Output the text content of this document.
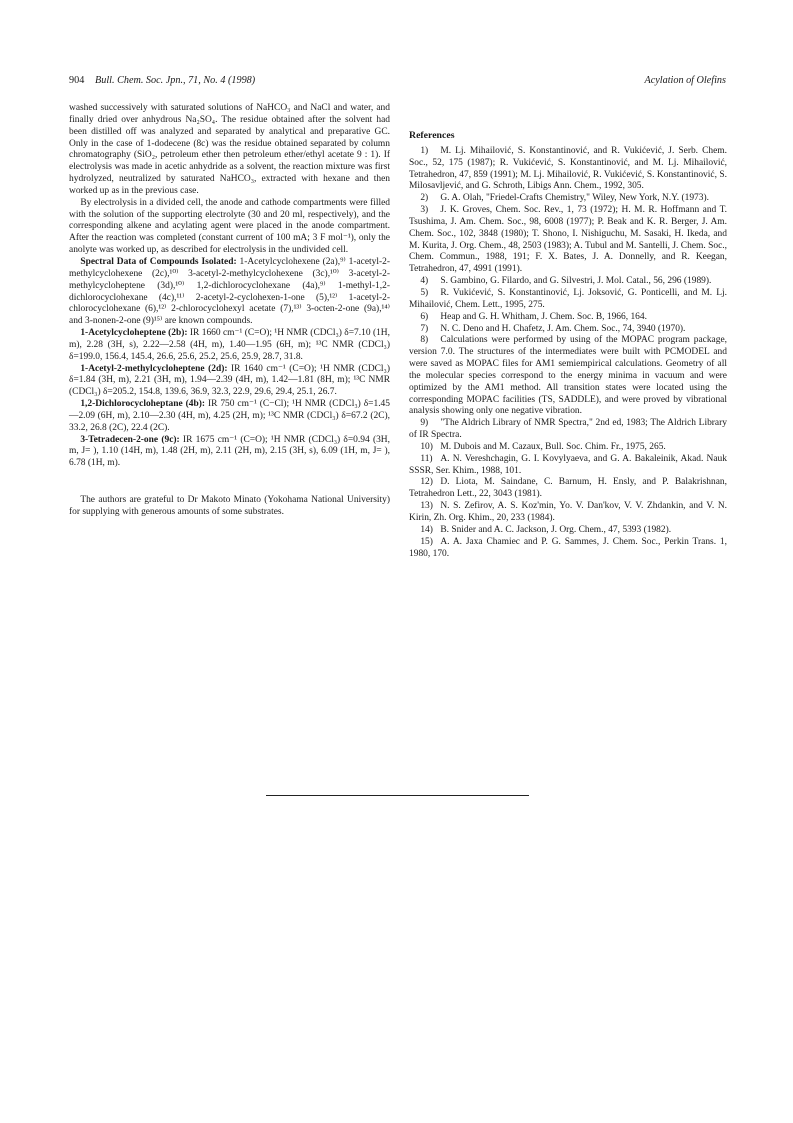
904 Bull. Chem. Soc. Jpn., 71, No. 4 (1998)	Acylation of Olefins

washed successively with saturated solutions of NaHCO₃ and NaCl and water, and finally dried over anhydrous Na₂SO₄. The residue obtained after the solvent had been distilled off was analyzed and separated by analytical and preparative GC. Only in the case of 1-dodecene (8c) was the residue obtained separated by column chromatography (SiO₂, petroleum ether then petroleum ether/ethyl acetate 9 : 1). If electrolysis was made in acetic anhydride as a solvent, the reaction mixture was first hydrolyzed, neutralized by saturated NaHCO₃, extracted with hexane and then worked up as in the previous case.

By electrolysis in a divided cell, the anode and cathode compartments were filled with the solution of the supporting electrolyte (30 and 20 ml, respectively), and the corresponding alkene and acylating agent were placed in the anode compartment. After the reaction was completed (constant current of 100 mA; 3 F mol⁻¹), only the anolyte was worked up, as described for electrolysis in the undivided cell.

Spectral Data of Compounds Isolated: 1-Acetylcyclohexene (2a),⁹⁾ 1-acetyl-2-methylcyclohexene (2c),¹⁰⁾ 3-acetyl-2-methylcyclohexene (3c),¹⁰⁾ 3-acetyl-2-methylcycloheptene (3d),¹⁰⁾ 1,2-dichlorocyclohexane (4a),⁹⁾ 1-methyl-1,2-dichlorocyclohexane (4c),¹¹⁾ 2-acetyl-2-cyclohexen-1-one (5),¹²⁾ 1-acetyl-2-chlorocyclohexane (6),¹²⁾ 2-chlorocyclohexyl acetate (7),¹³⁾ 3-octen-2-one (9a),¹⁴⁾ and 3-nonen-2-one (9)¹⁵⁾ are known compounds.

1-Acetylcycloheptene (2b): IR 1660 cm⁻¹ (C=O); ¹H NMR (CDCl₃) δ=7.10 (1H, m), 2.28 (3H, s), 2.22—2.58 (4H, m), 1.40—1.95 (6H, m); ¹³C NMR (CDCl₃) δ=199.0, 156.4, 145.4, 26.6, 25.6, 25.2, 25.6, 25.9, 28.7, 31.8.

1-Acetyl-2-methylcycloheptene (2d): IR 1640 cm⁻¹ (C=O); ¹H NMR (CDCl₃) δ=1.84 (3H, m), 2.21 (3H, m), 1.94—2.39 (4H, m), 1.42—1.81 (8H, m); ¹³C NMR (CDCl₃) δ=205.2, 154.8, 139.6, 36.9, 32.3, 22.9, 29.6, 29.4, 25.1, 26.7.

1,2-Dichlorocycloheptane (4b): IR 750 cm⁻¹ (C−Cl); ¹H NMR (CDCl₃) δ=1.45—2.09 (6H, m), 2.10—2.30 (4H, m), 4.25 (2H, m); ¹³C NMR (CDCl₃) δ=67.2 (2C), 33.2, 26.8 (2C), 22.4 (2C).

3-Tetradecen-2-one (9c): IR 1675 cm⁻¹ (C=O); ¹H NMR (CDCl₃) δ=0.94 (3H, m, J= ), 1.10 (14H, m), 1.48 (2H, m), 2.11 (2H, m), 2.15 (3H, s), 6.09 (1H, m, J= ), 6.78 (1H, m).

The authors are grateful to Dr Makoto Minato (Yokohama National University) for supplying with generous amounts of some substrates.

References

1) M. Lj. Mihailović, S. Konstantinović, and R. Vukićević, J. Serb. Chem. Soc., 52, 175 (1987); R. Vukićević, S. Konstantinović, and M. Lj. Mihailović, Tetrahedron, 47, 859 (1991); M. Lj. Mihailović, R. Vukićević, S. Konstantinović, S. Milosavljević, and G. Schroth, Libigs Ann. Chem., 1992, 305.

2) G. A. Olah, "Friedel-Crafts Chemistry," Wiley, New York, N.Y. (1973).

3) J. K. Groves, Chem. Soc. Rev., 1, 73 (1972); H. M. R. Hoffmann and T. Tsushima, J. Am. Chem. Soc., 98, 6008 (1977); P. Beak and K. R. Berger, J. Am. Chem. Soc., 102, 3848 (1980); T. Shono, I. Nishiguchu, M. Sasaki, H. Ikeda, and M. Kurita, J. Org. Chem., 48, 2503 (1983); A. Tubul and M. Santelli, J. Chem. Soc., Chem. Commun., 1988, 191; F. X. Bates, J. A. Donnelly, and R. Keegan, Tetrahedron, 47, 4991 (1991).

4) S. Gambino, G. Filardo, and G. Silvestri, J. Mol. Catal., 56, 296 (1989).

5) R. Vukićević, S. Konstantinović, Lj. Joksović, G. Ponticelli, and M. Lj. Mihailović, Chem. Lett., 1995, 275.

6) Heap and G. H. Whitham, J. Chem. Soc. B, 1966, 164.

7) N. C. Deno and H. Chafetz, J. Am. Chem. Soc., 74, 3940 (1970).

8) Calculations were performed by using of the MOPAC program package, version 7.0. The structures of the intermediates were built with PCMODEL and were saved as MOPAC files for AM1 semiempirical calculations. Geometry of all the molecular species correspond to the energy minima in vacuum and were optimized by the AM1 method. All transition states were located using the corresponding MOPAC facilities (TS, SADDLE), and were proved by vibrational analysis showing only one negative vibration.

9) "The Aldrich Library of NMR Spectra," 2nd ed, 1983; The Aldrich Library of IR Spectra.

10) M. Dubois and M. Cazaux, Bull. Soc. Chim. Fr., 1975, 265.

11) A. N. Vereshchagin, G. I. Kovylyaeva, and G. A. Bakaleinik, Akad. Nauk SSSR, Ser. Khim., 1988, 101.

12) D. Liota, M. Saindane, C. Barnum, H. Ensly, and P. Balakrishnan, Tetrahedron Lett., 22, 3043 (1981).

13) N. S. Zefirov, A. S. Koz'min, Yo. V. Dan'kov, V. V. Zhdankin, and V. N. Kirin, Zh. Org. Khim., 20, 233 (1984).

14) B. Snider and A. C. Jackson, J. Org. Chem., 47, 5393 (1982).

15) A. A. Jaxa Chamiec and P. G. Sammes, J. Chem. Soc., Perkin Trans. 1, 1980, 170.
